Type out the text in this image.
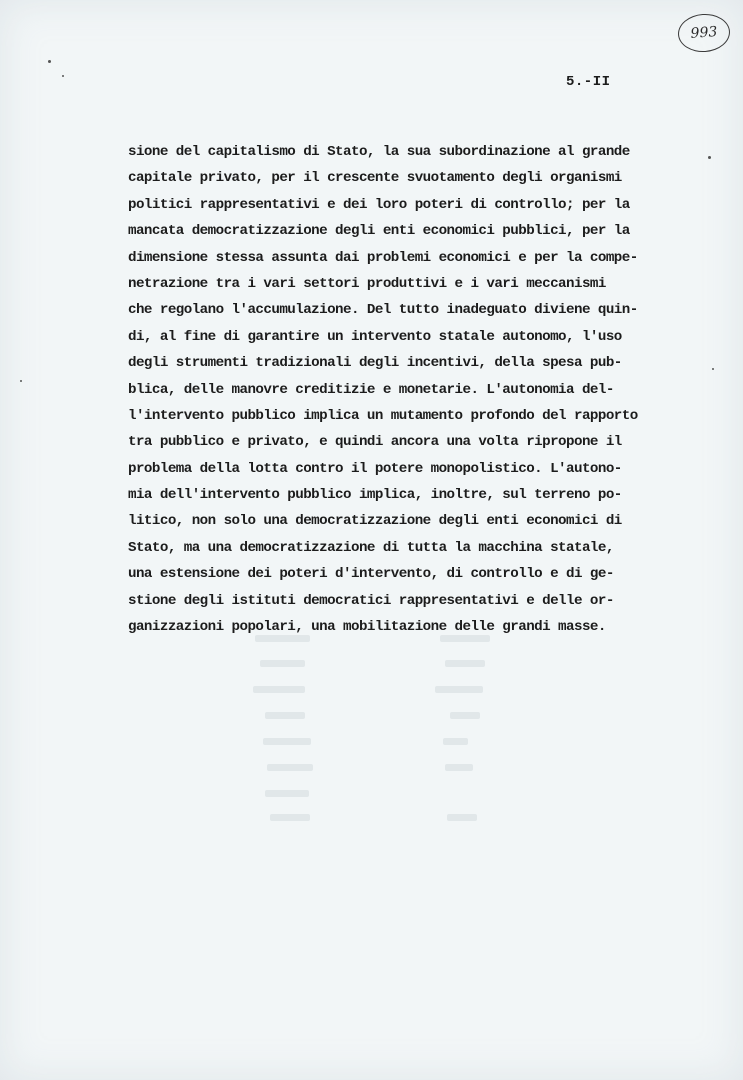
993
5.-II
sione del capitalismo di Stato, la sua subordinazione al grande
capitale privato, per il crescente svuotamento degli organismi
politici rappresentativi e dei loro poteri di controllo; per la
mancata democratizzazione degli enti economici pubblici, per la
dimensione stessa assunta dai problemi economici e per la compe-
netrazione tra i vari settori produttivi e i vari meccanismi
che regolano l'accumulazione. Del tutto inadeguato diviene quin-
di, al fine di garantire un intervento statale autonomo, l'uso
degli strumenti tradizionali degli incentivi, della spesa pub-
blica, delle manovre creditizie e monetarie. L'autonomia del-
l'intervento pubblico implica un mutamento profondo del rapporto
tra pubblico e privato, e quindi ancora una volta ripropone il
problema della lotta contro il potere monopolistico. L'autono-
mia dell'intervento pubblico implica, inoltre, sul terreno po-
litico, non solo una democratizzazione degli enti economici di
Stato, ma una democratizzazione di tutta la macchina statale,
una estensione dei poteri d'intervento, di controllo e di ge-
stione degli istituti democratici rappresentativi e delle or-
ganizzazioni popolari, una mobilitazione delle grandi masse.
